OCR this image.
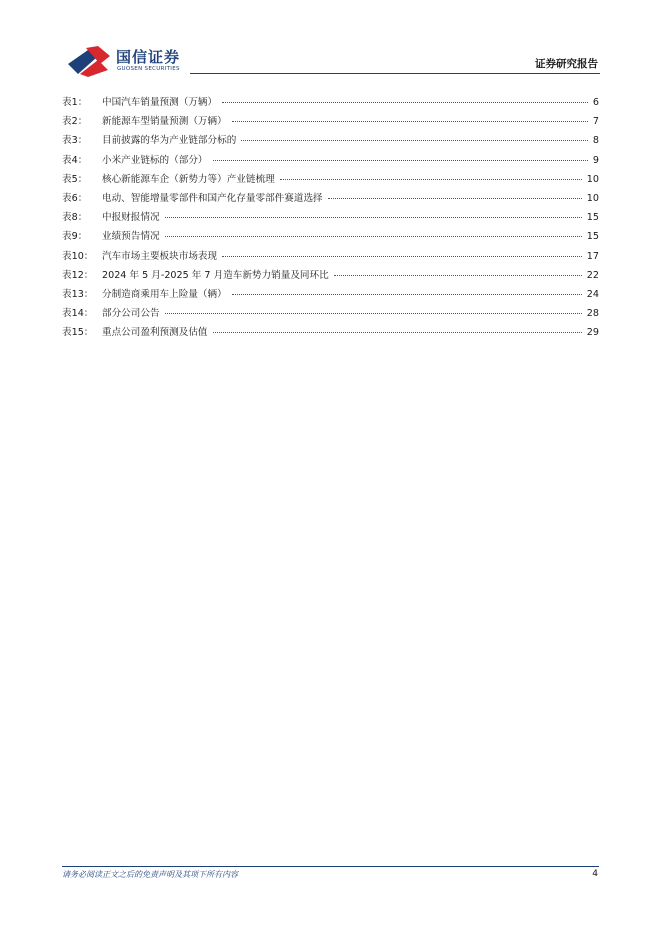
国信证券
GUOSEN SECURITIES	证券研究报告
表1：	中国汽车销量预测（万辆）	6
表2：	新能源车型销量预测（万辆）	7
表3：	目前披露的华为产业链部分标的	8
表4：	小米产业链标的（部分）	9
表5：	核心新能源车企（新势力等）产业链梳理	10
表6：	电动、智能增量零部件和国产化存量零部件赛道选择	10
表8：	中报财报情况	15
表9：	业绩预告情况	15
表10： 汽车市场主要板块市场表现	17
表12： 2024 年 5 月-2025 年 7 月造车新势力销量及同环比	22
表13： 分制造商乘用车上险量（辆）	24
表14： 部分公司公告	28
表15： 重点公司盈利预测及估值	29
请务必阅读正文之后的免责声明及其项下所有内容	4
